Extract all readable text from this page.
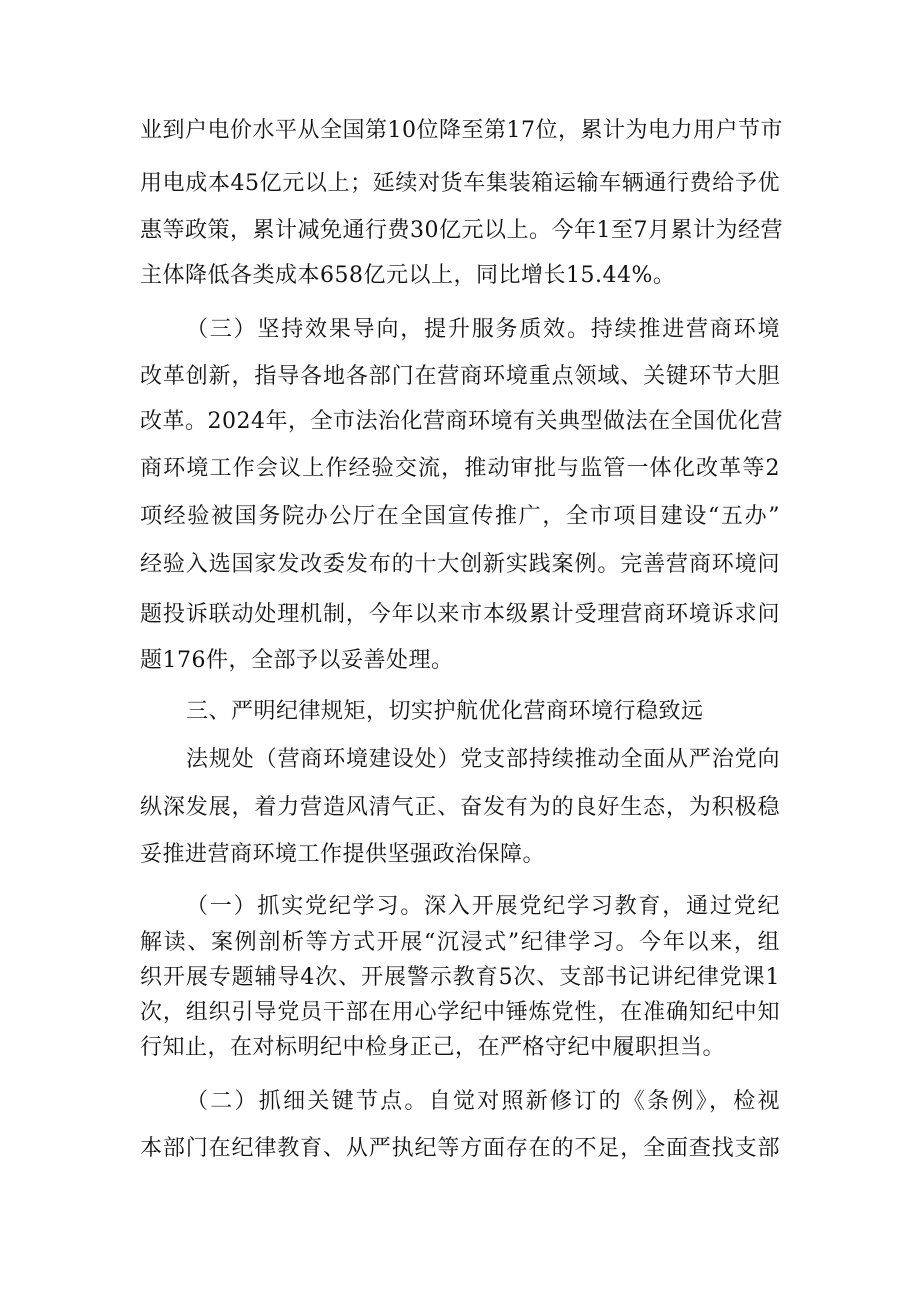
业到户电价水平从全国第10位降至第17位，累计为电力用户节市
用电成本45亿元以上；延续对货车集装箱运输车辆通行费给予优
惠等政策，累计减免通行费30亿元以上。今年1至7月累计为经营
主体降低各类成本658亿元以上，同比增长15.44%。
（三）坚持效果导向，提升服务质效。持续推进营商环境
改革创新，指导各地各部门在营商环境重点领域、关键环节大胆
改革。2024年，全市法治化营商环境有关典型做法在全国优化营
商环境工作会议上作经验交流，推动审批与监管一体化改革等2
项经验被国务院办公厅在全国宣传推广，全市项目建设“五办”
经验入选国家发改委发布的十大创新实践案例。完善营商环境问
题投诉联动处理机制，今年以来市本级累计受理营商环境诉求问
题176件，全部予以妥善处理。
三、严明纪律规矩，切实护航优化营商环境行稳致远
法规处（营商环境建设处）党支部持续推动全面从严治党向
纵深发展，着力营造风清气正、奋发有为的良好生态，为积极稳
妥推进营商环境工作提供坚强政治保障。
（一）抓实党纪学习。深入开展党纪学习教育，通过党纪
解读、案例剖析等方式开展“沉浸式”纪律学习。今年以来，组
织开展专题辅导4次、开展警示教育5次、支部书记讲纪律党课1
次，组织引导党员干部在用心学纪中锤炼党性，在准确知纪中知
行知止，在对标明纪中检身正己，在严格守纪中履职担当。
（二）抓细关键节点。自觉对照新修订的《条例》，检视
本部门在纪律教育、从严执纪等方面存在的不足，全面查找支部
